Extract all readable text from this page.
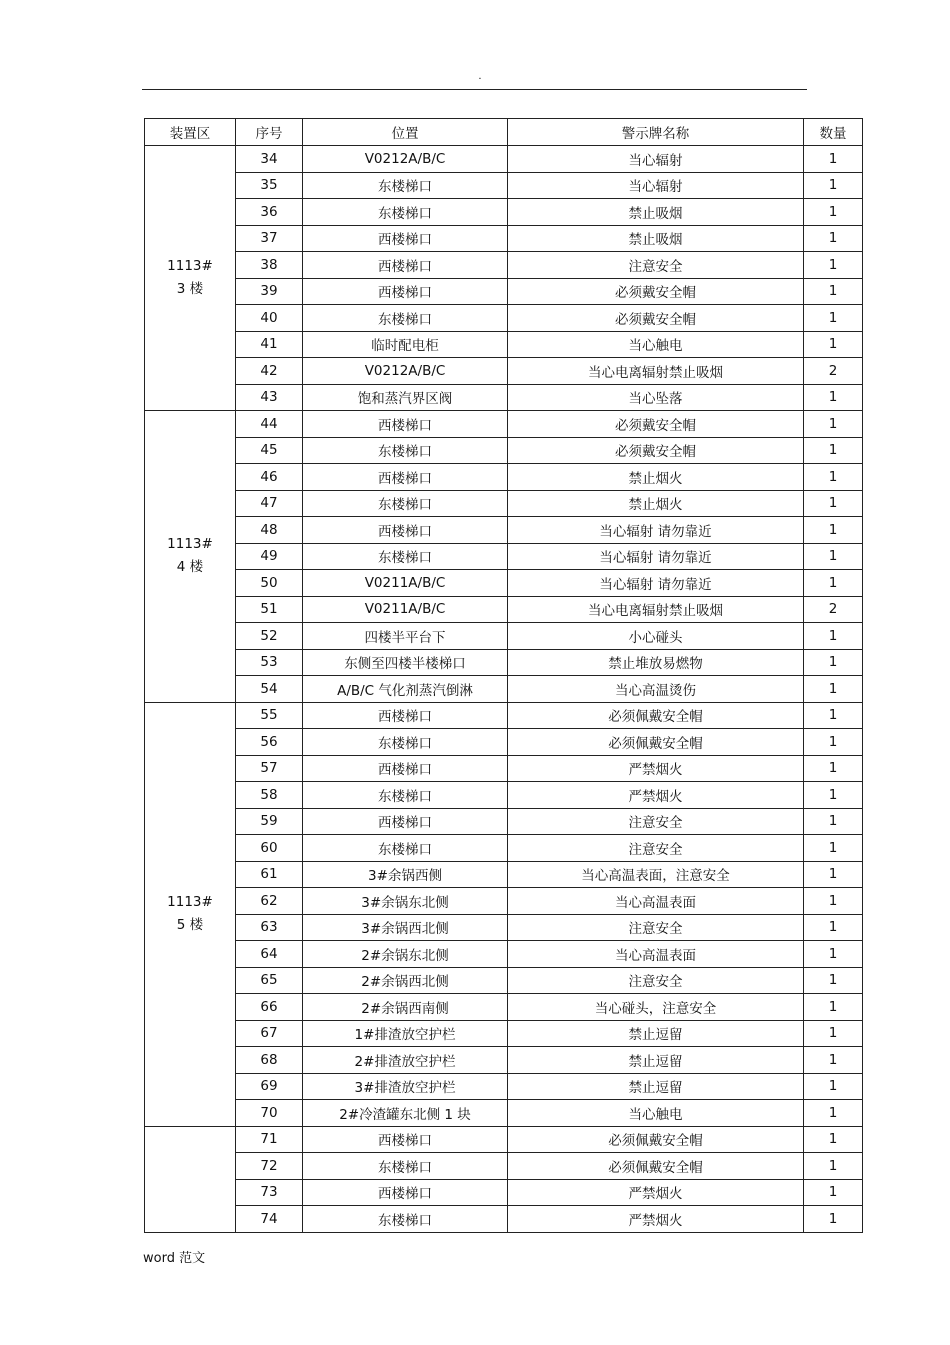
.
装置区	序号	位置	警示牌名称	数量

1113#
3 楼	34	V0212A/B/C	当心辐射	1
	35	东楼梯口	当心辐射	1
	36	东楼梯口	禁止吸烟	1
	37	西楼梯口	禁止吸烟	1
	38	西楼梯口	注意安全	1
	39	西楼梯口	必须戴安全帽	1
	40	东楼梯口	必须戴安全帽	1
	41	临时配电柜	当心触电	1
	42	V0212A/B/C	当心电离辐射禁止吸烟	2
	43	饱和蒸汽界区阀	当心坠落	1

1113#
4 楼	44	西楼梯口	必须戴安全帽	1
	45	东楼梯口	必须戴安全帽	1
	46	西楼梯口	禁止烟火	1
	47	东楼梯口	禁止烟火	1
	48	西楼梯口	当心辐射 请勿靠近	1
	49	东楼梯口	当心辐射 请勿靠近	1
	50	V0211A/B/C	当心辐射 请勿靠近	1
	51	V0211A/B/C	当心电离辐射禁止吸烟	2
	52	四楼半平台下	小心碰头	1
	53	东侧至四楼半楼梯口	禁止堆放易燃物	1
	54	A/B/C 气化剂蒸汽倒淋	当心高温烫伤	1

1113#
5 楼	55	西楼梯口	必须佩戴安全帽	1
	56	东楼梯口	必须佩戴安全帽	1
	57	西楼梯口	严禁烟火	1
	58	东楼梯口	严禁烟火	1
	59	西楼梯口	注意安全	1
	60	东楼梯口	注意安全	1
	61	3#余锅西侧	当心高温表面，注意安全	1
	62	3#余锅东北侧	当心高温表面	1
	63	3#余锅西北侧	注意安全	1
	64	2#余锅东北侧	当心高温表面	1
	65	2#余锅西北侧	注意安全	1
	66	2#余锅西南侧	当心碰头，注意安全	1
	67	1#排渣放空护栏	禁止逗留	1
	68	2#排渣放空护栏	禁止逗留	1
	69	3#排渣放空护栏	禁止逗留	1
	70	2#冷渣罐东北侧 1 块	当心触电	1
	71	西楼梯口	必须佩戴安全帽	1
	72	东楼梯口	必须佩戴安全帽	1
	73	西楼梯口	严禁烟火	1
	74	东楼梯口	严禁烟火	1
word 范文
